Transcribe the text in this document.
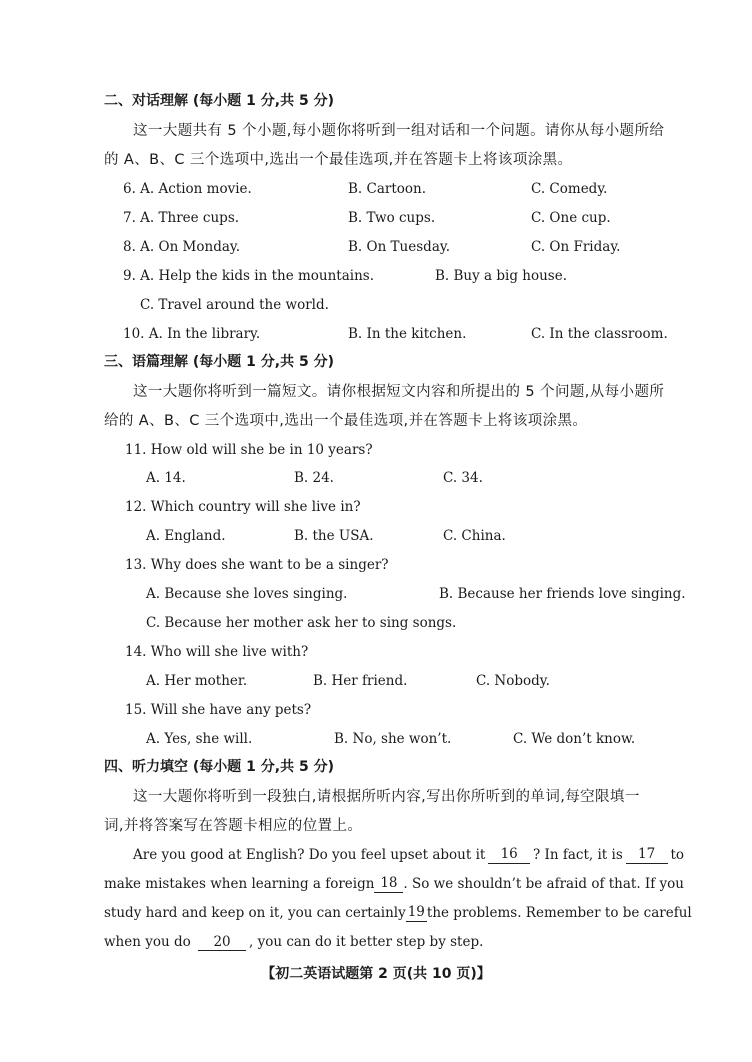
二、对话理解 (每小题 1 分,共 5 分)
这一大题共有 5 个小题,每小题你将听到一组对话和一个问题。请你从每小题所给
的 A、B、C 三个选项中,选出一个最佳选项,并在答题卡上将该项涂黑。
6. A. Action movie.	B. Cartoon.	C. Comedy.
7. A. Three cups.	B. Two cups.	C. One cup.
8. A. On Monday.	B. On Tuesday.	C. On Friday.
9. A. Help the kids in the mountains.	B. Buy a big house.
C. Travel around the world.
10. A. In the library.	B. In the kitchen.	C. In the classroom.
三、语篇理解 (每小题 1 分,共 5 分)
这一大题你将听到一篇短文。请你根据短文内容和所提出的 5 个问题,从每小题所
给的 A、B、C 三个选项中,选出一个最佳选项,并在答题卡上将该项涂黑。
11. How old will she be in 10 years?
A. 14.	B. 24.	C. 34.
12. Which country will she live in?
A. England.	B. the USA.	C. China.
13. Why does she want to be a singer?
A. Because she loves singing.	B. Because her friends love singing.
C. Because her mother ask her to sing songs.
14. Who will she live with?
A. Her mother.	B. Her friend.	C. Nobody.
15. Will she have any pets?
A. Yes, she will.	B. No, she won’t.	C. We don’t know.
四、听力填空 (每小题 1 分,共 5 分)
这一大题你将听到一段独白,请根据所听内容,写出你所听到的单词,每空限填一
词,并将答案写在答题卡相应的位置上。
Are you good at English? Do you feel upset about it	16	? In fact, it is	17	to
make mistakes when learning a foreign 18 . So we shouldn’t be afraid of that. If you
study hard and keep on it, you can certainly 19 the problems. Remember to be careful
when you do 20 , you can do it better step by step.
【初二英语试题第 2 页(共 10 页)】
